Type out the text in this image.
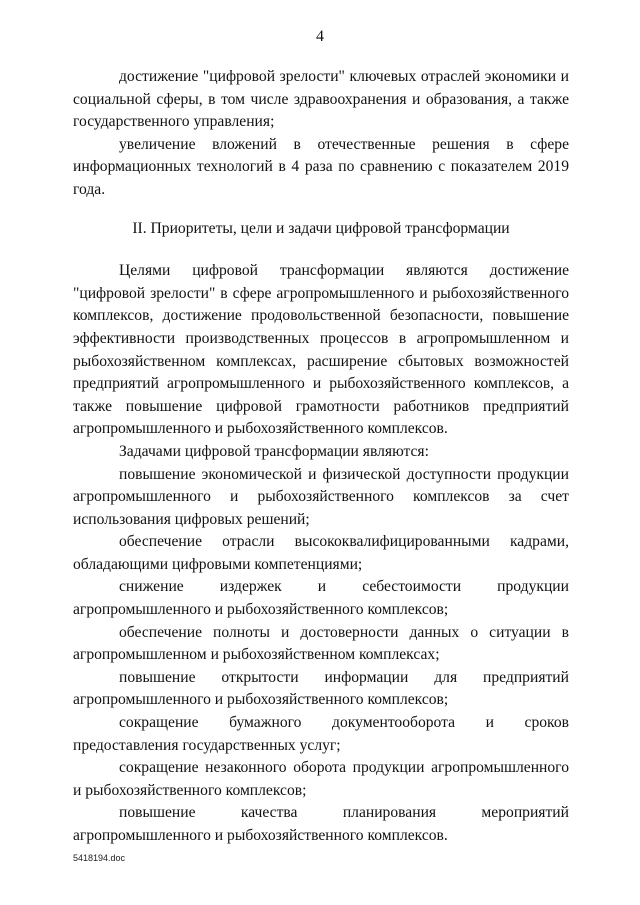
4

достижение "цифровой зрелости" ключевых отраслей экономики и социальной сферы, в том числе здравоохранения и образования, а также государственного управления;

увеличение вложений в отечественные решения в сфере информационных технологий в 4 раза по сравнению с показателем 2019 года.

II. Приоритеты, цели и задачи цифровой трансформации

Целями цифровой трансформации являются достижение "цифровой зрелости" в сфере агропромышленного и рыбохозяйственного комплексов, достижение продовольственной безопасности, повышение эффективности производственных процессов в агропромышленном и рыбохозяйственном комплексах, расширение сбытовых возможностей предприятий агропромышленного и рыбохозяйственного комплексов, а также повышение цифровой грамотности работников предприятий агропромышленного и рыбохозяйственного комплексов.

Задачами цифровой трансформации являются:

повышение экономической и физической доступности продукции агропромышленного и рыбохозяйственного комплексов за счет использования цифровых решений;

обеспечение отрасли высококвалифицированными кадрами, обладающими цифровыми компетенциями;

снижение издержек и себестоимости продукции агропромышленного и рыбохозяйственного комплексов;

обеспечение полноты и достоверности данных о ситуации в агропромышленном и рыбохозяйственном комплексах;

повышение открытости информации для предприятий агропромышленного и рыбохозяйственного комплексов;

сокращение бумажного документооборота и сроков предоставления государственных услуг;

сокращение незаконного оборота продукции агропромышленного и рыбохозяйственного комплексов;

повышение качества планирования мероприятий агропромышленного и рыбохозяйственного комплексов.

5418194.doc
